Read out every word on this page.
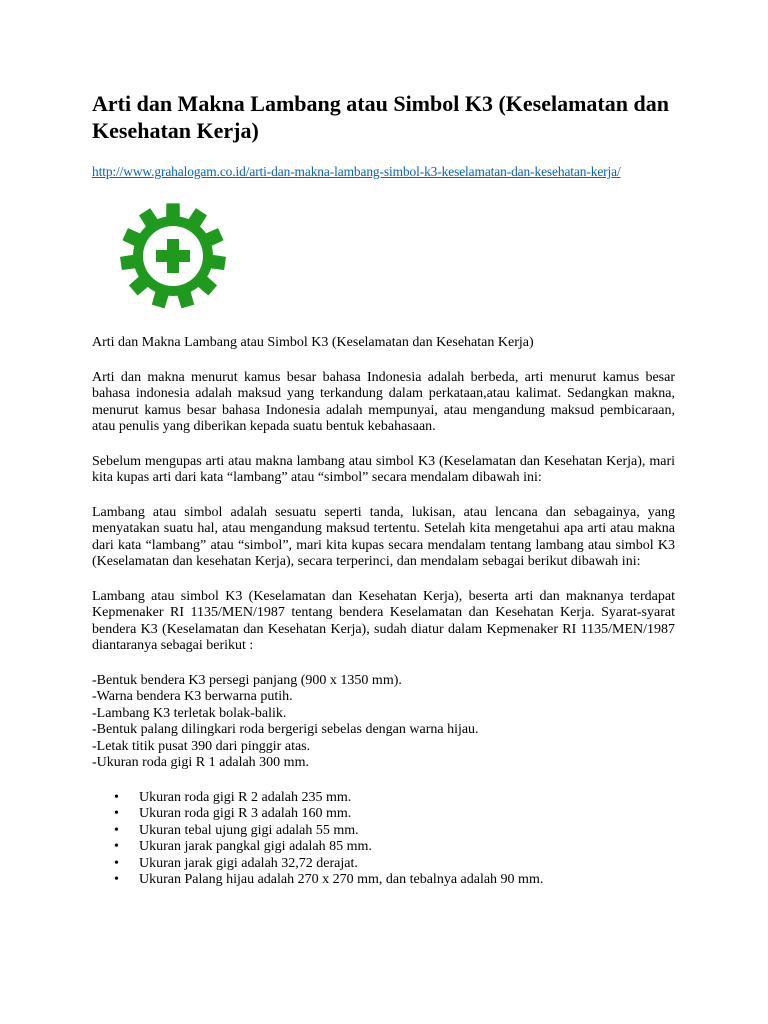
Arti dan Makna Lambang atau Simbol K3 (Keselamatan dan Kesehatan Kerja)
http://www.grahalogam.co.id/arti-dan-makna-lambang-simbol-k3-keselamatan-dan-kesehatan-kerja/

Arti dan Makna Lambang atau Simbol K3 (Keselamatan dan Kesehatan Kerja)

Arti dan makna menurut kamus besar bahasa Indonesia adalah berbeda, arti menurut kamus besar bahasa indonesia adalah maksud yang terkandung dalam perkataan,atau kalimat. Sedangkan makna, menurut kamus besar bahasa Indonesia adalah mempunyai, atau mengandung maksud pembicaraan, atau penulis yang diberikan kepada suatu bentuk kebahasaan.

Sebelum mengupas arti atau makna lambang atau simbol K3 (Keselamatan dan Kesehatan Kerja), mari kita kupas arti dari kata “lambang” atau “simbol” secara mendalam dibawah ini:

Lambang atau simbol adalah sesuatu seperti tanda, lukisan, atau lencana dan sebagainya, yang menyatakan suatu hal, atau mengandung maksud tertentu. Setelah kita mengetahui apa arti atau makna dari kata “lambang” atau “simbol”, mari kita kupas secara mendalam tentang lambang atau simbol K3 (Keselamatan dan kesehatan Kerja), secara terperinci, dan mendalam sebagai berikut dibawah ini:

Lambang atau simbol K3 (Keselamatan dan Kesehatan Kerja), beserta arti dan maknanya terdapat Kepmenaker RI 1135/MEN/1987 tentang bendera Keselamatan dan Kesehatan Kerja. Syarat-syarat bendera K3 (Keselamatan dan Kesehatan Kerja), sudah diatur dalam Kepmenaker RI 1135/MEN/1987 diantaranya sebagai berikut :

-Bentuk bendera K3 persegi panjang (900 x 1350 mm).
-Warna bendera K3 berwarna putih.
-Lambang K3 terletak bolak-balik.
-Bentuk palang dilingkari roda bergerigi sebelas dengan warna hijau.
-Letak titik pusat 390 dari pinggir atas.
-Ukuran roda gigi R 1 adalah 300 mm.
• Ukuran roda gigi R 2 adalah 235 mm.
• Ukuran roda gigi R 3 adalah 160 mm.
• Ukuran tebal ujung gigi adalah 55 mm.
• Ukuran jarak pangkal gigi adalah 85 mm.
• Ukuran jarak gigi adalah 32,72 derajat.
• Ukuran Palang hijau adalah 270 x 270 mm, dan tebalnya adalah 90 mm.
